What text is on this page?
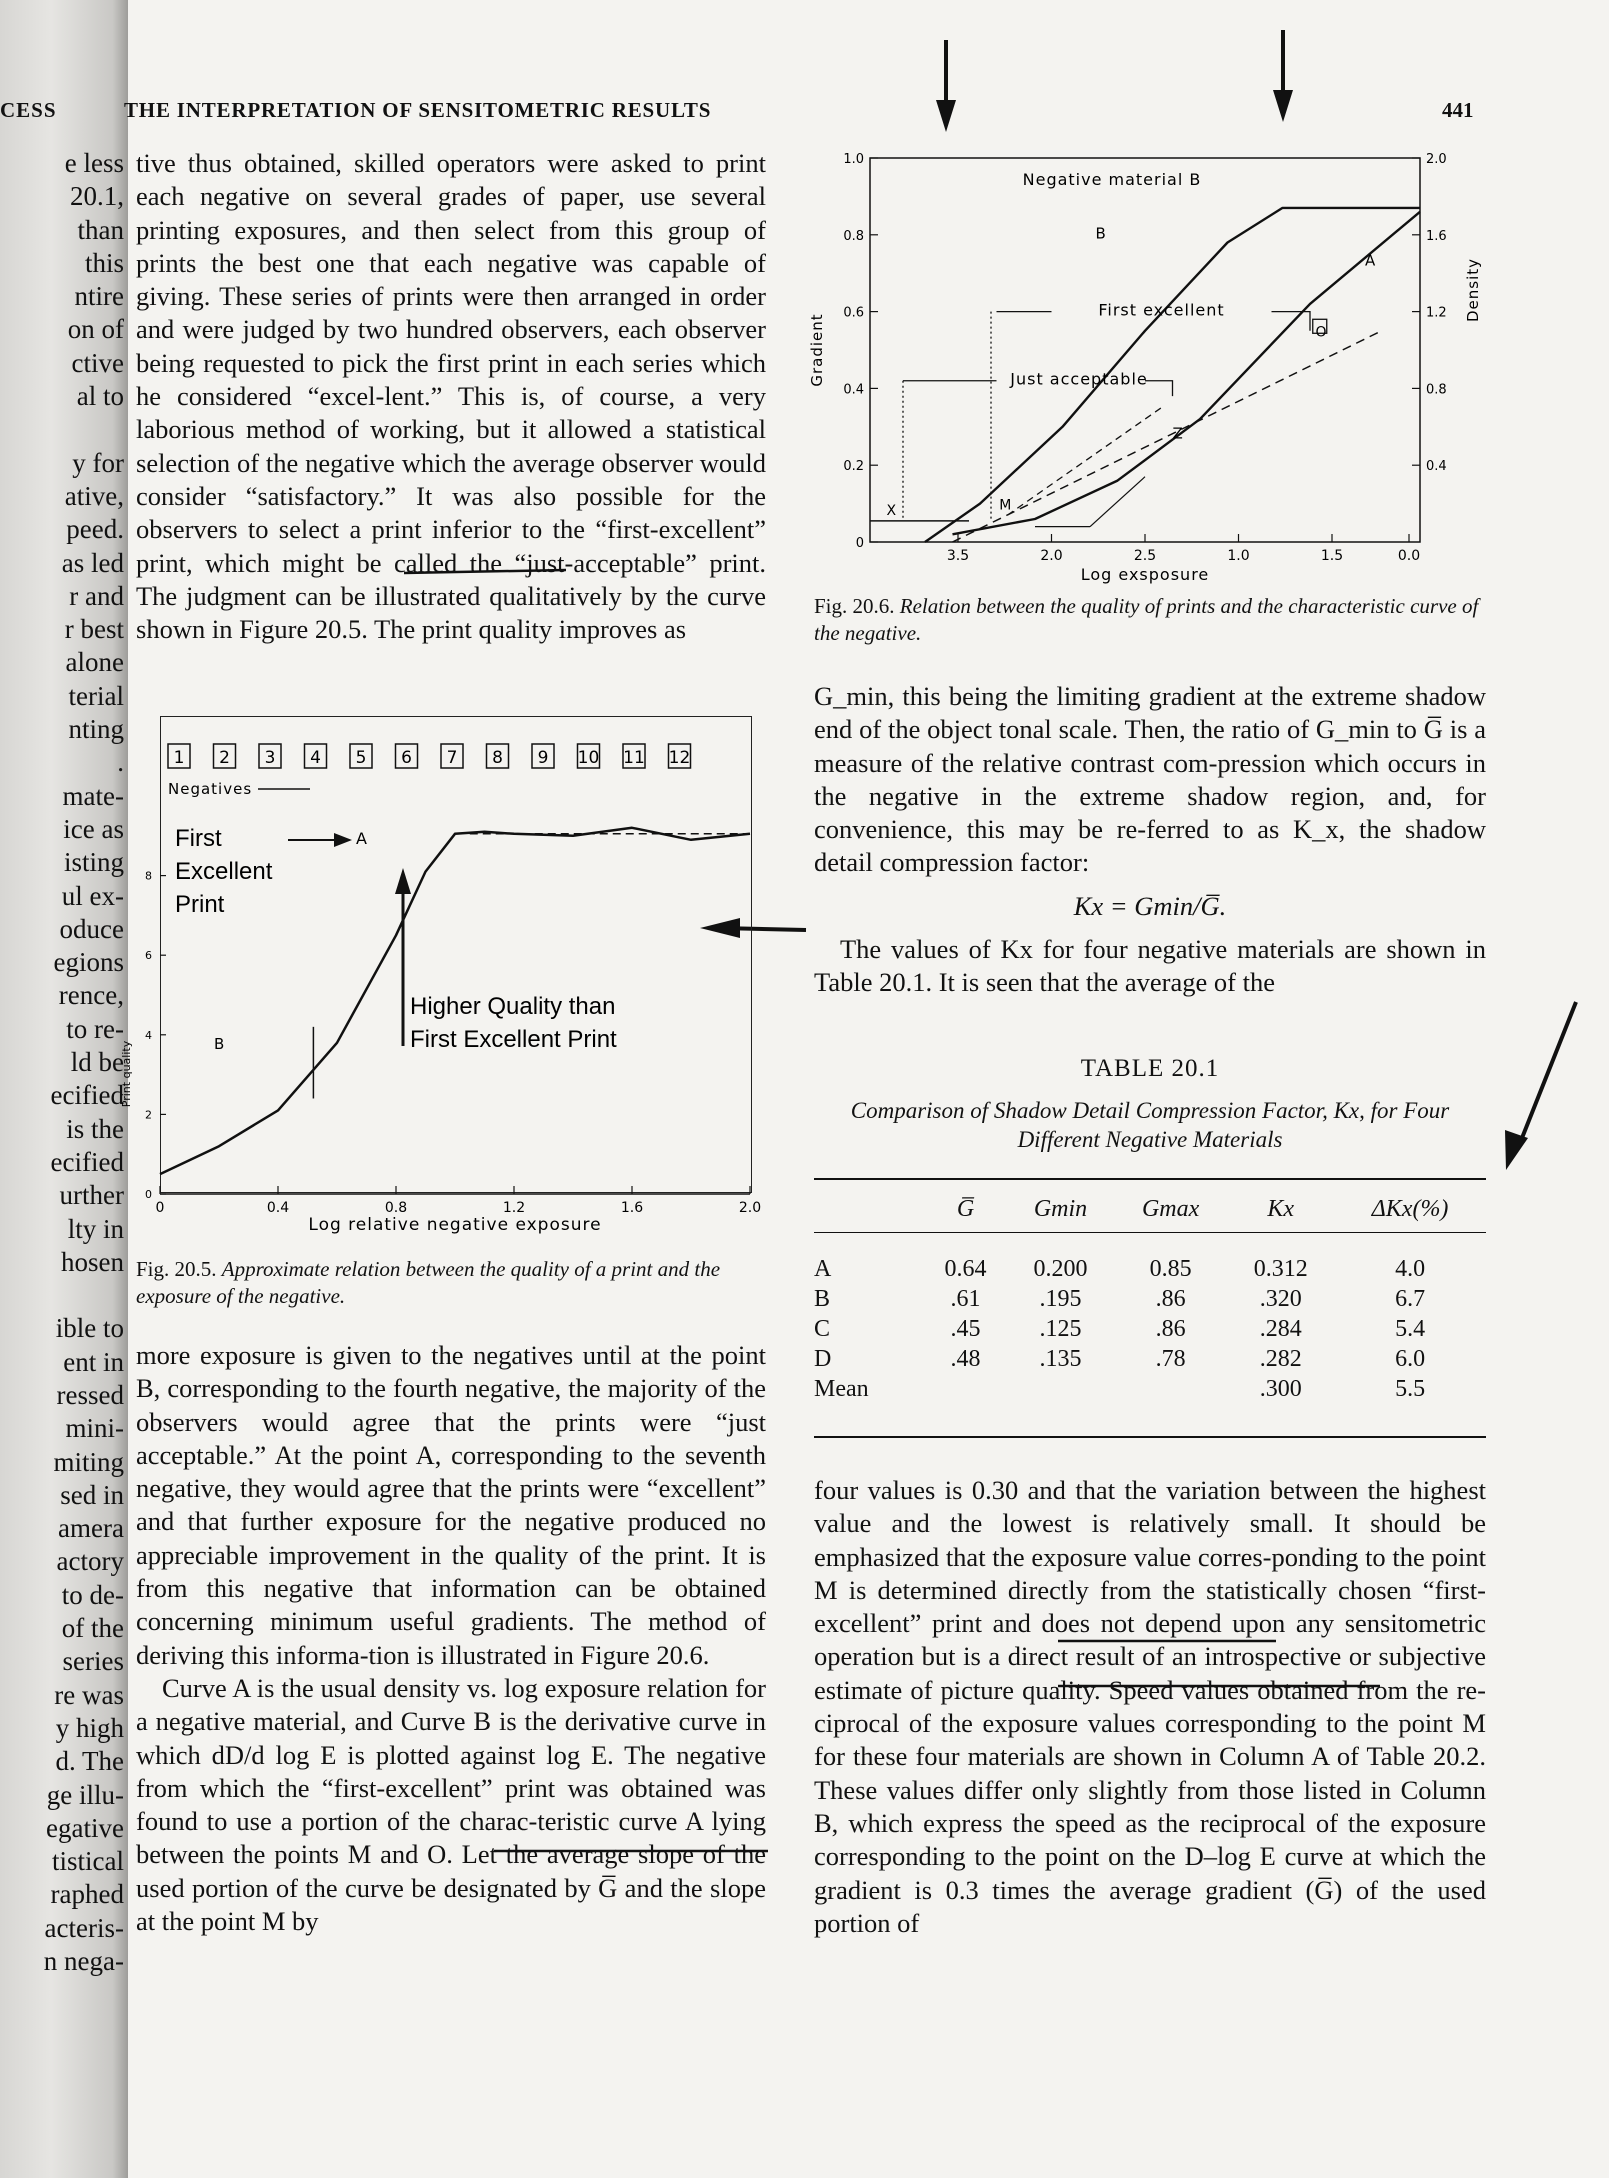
CESS
e less
20.1,
than
this
ntire
on of
ctive
al to
y for
ative,
peed.
as led
r and
r best
alone
terial
nting
.
mate-
ice as
isting
ul ex-
oduce
egions
rence,
to re-
ld be
ecified
is the
ecified
urther
lty in
hosen
ible to
ent in
ressed
mini-
miting
sed in
amera
actory
to de-
of the
series
re was
y high
d. The
ge illu-
egative
tistical
raphed
acteris-
n nega-
THE INTERPRETATION OF SENSITOMETRIC RESULTS	441

tive thus obtained, skilled operators were asked to print each negative on several grades of paper, use several printing exposures, and then select from this group of prints the best one that each negative was capable of giving. These series of prints were then arranged in order and were judged by two hundred observers, each observer being requested to pick the first print in each series which he considered “excel-lent.” This is, of course, a very laborious method of working, but it allowed a statistical selection of the negative which the average observer would consider “satisfactory.” It was also possible for the observers to select a print inferior to the “first-excellent” print, which might be called the “just-acceptable” print. The judgment can be illustrated qualitatively by the curve shown in Figure 20.5. The print quality improves as

1 2 3 4 5 6 7 8 9 10 11 12
Negatives
First
Excellent
Print
A
Higher Quality than
First Excellent Print
B
0	0.4	0.8	1.2	1.6	2.0
0
2
4
6
8
Log relative negative exposure
Print quality
Fig. 20.5. Approximate relation between the quality of a print and the exposure of the negative.

more exposure is given to the negatives until at the point B, corresponding to the fourth negative, the majority of the observers would agree that the prints were “just acceptable.” At the point A, corresponding to the seventh negative, they would agree that the prints were “excellent” and that further exposure for the negative produced no appreciable improvement in the quality of the print. It is from this negative that information can be obtained concerning minimum useful gradients. The method of deriving this informa-tion is illustrated in Figure 20.6.

Curve A is the usual density vs. log exposure relation for a negative material, and Curve B is the derivative curve in which dD/d log E is plotted against log E. The negative from which the “first-excellent” print was obtained was found to use a portion of the charac-teristic curve A lying between the points M and O. Let the average slope of the used portion of the curve be designated by G̅ and the slope at the point M by

0
0.2
0.4
0.6
0.8
1.0
0.4
0.8
1.2
1.6
2.0
3.5	2.0	2.5	1.0	1.5	0.0
Log exsposure
Gradient
Density
Negative material B
First excellent
Just acceptable
B
A
O
Z
M
X
Fig. 20.6. Relation between the quality of prints and the characteristic curve of the negative.

G_min, this being the limiting gradient at the extreme shadow end of the object tonal scale. Then, the ratio of G_min to G̅ is a measure of the relative contrast com-pression which occurs in the negative in the extreme shadow region, and, for convenience, this may be re-ferred to as K_x, the shadow detail compression factor:

Kx = Gmin/G̅.

The values of Kx for four negative materials are shown in Table 20.1. It is seen that the average of the

TABLE 20.1
Comparison of Shadow Detail Compression Factor, Kx, for Four Different Negative Materials
	G̅	Gmin	Gmax	Kx	ΔKx(%)
A	0.64	0.200	0.85	0.312	4.0
B	.61	.195	.86	.320	6.7
C	.45	.125	.86	.284	5.4
D	.48	.135	.78	.282	6.0
Mean				.300	5.5

four values is 0.30 and that the variation between the highest value and the lowest is relatively small. It should be emphasized that the exposure value corres-ponding to the point M is determined directly from the statistically chosen “first-excellent” print and does not depend upon any sensitometric operation but is a direct result of an introspective or subjective estimate of picture quality. Speed values obtained from the re-ciprocal of the exposure values corresponding to the point M for these four materials are shown in Column A of Table 20.2. These values differ only slightly from those listed in Column B, which express the speed as the reciprocal of the exposure corresponding to the point on the D–log E curve at which the gradient is 0.3 times the average gradient (G̅) of the used portion of
